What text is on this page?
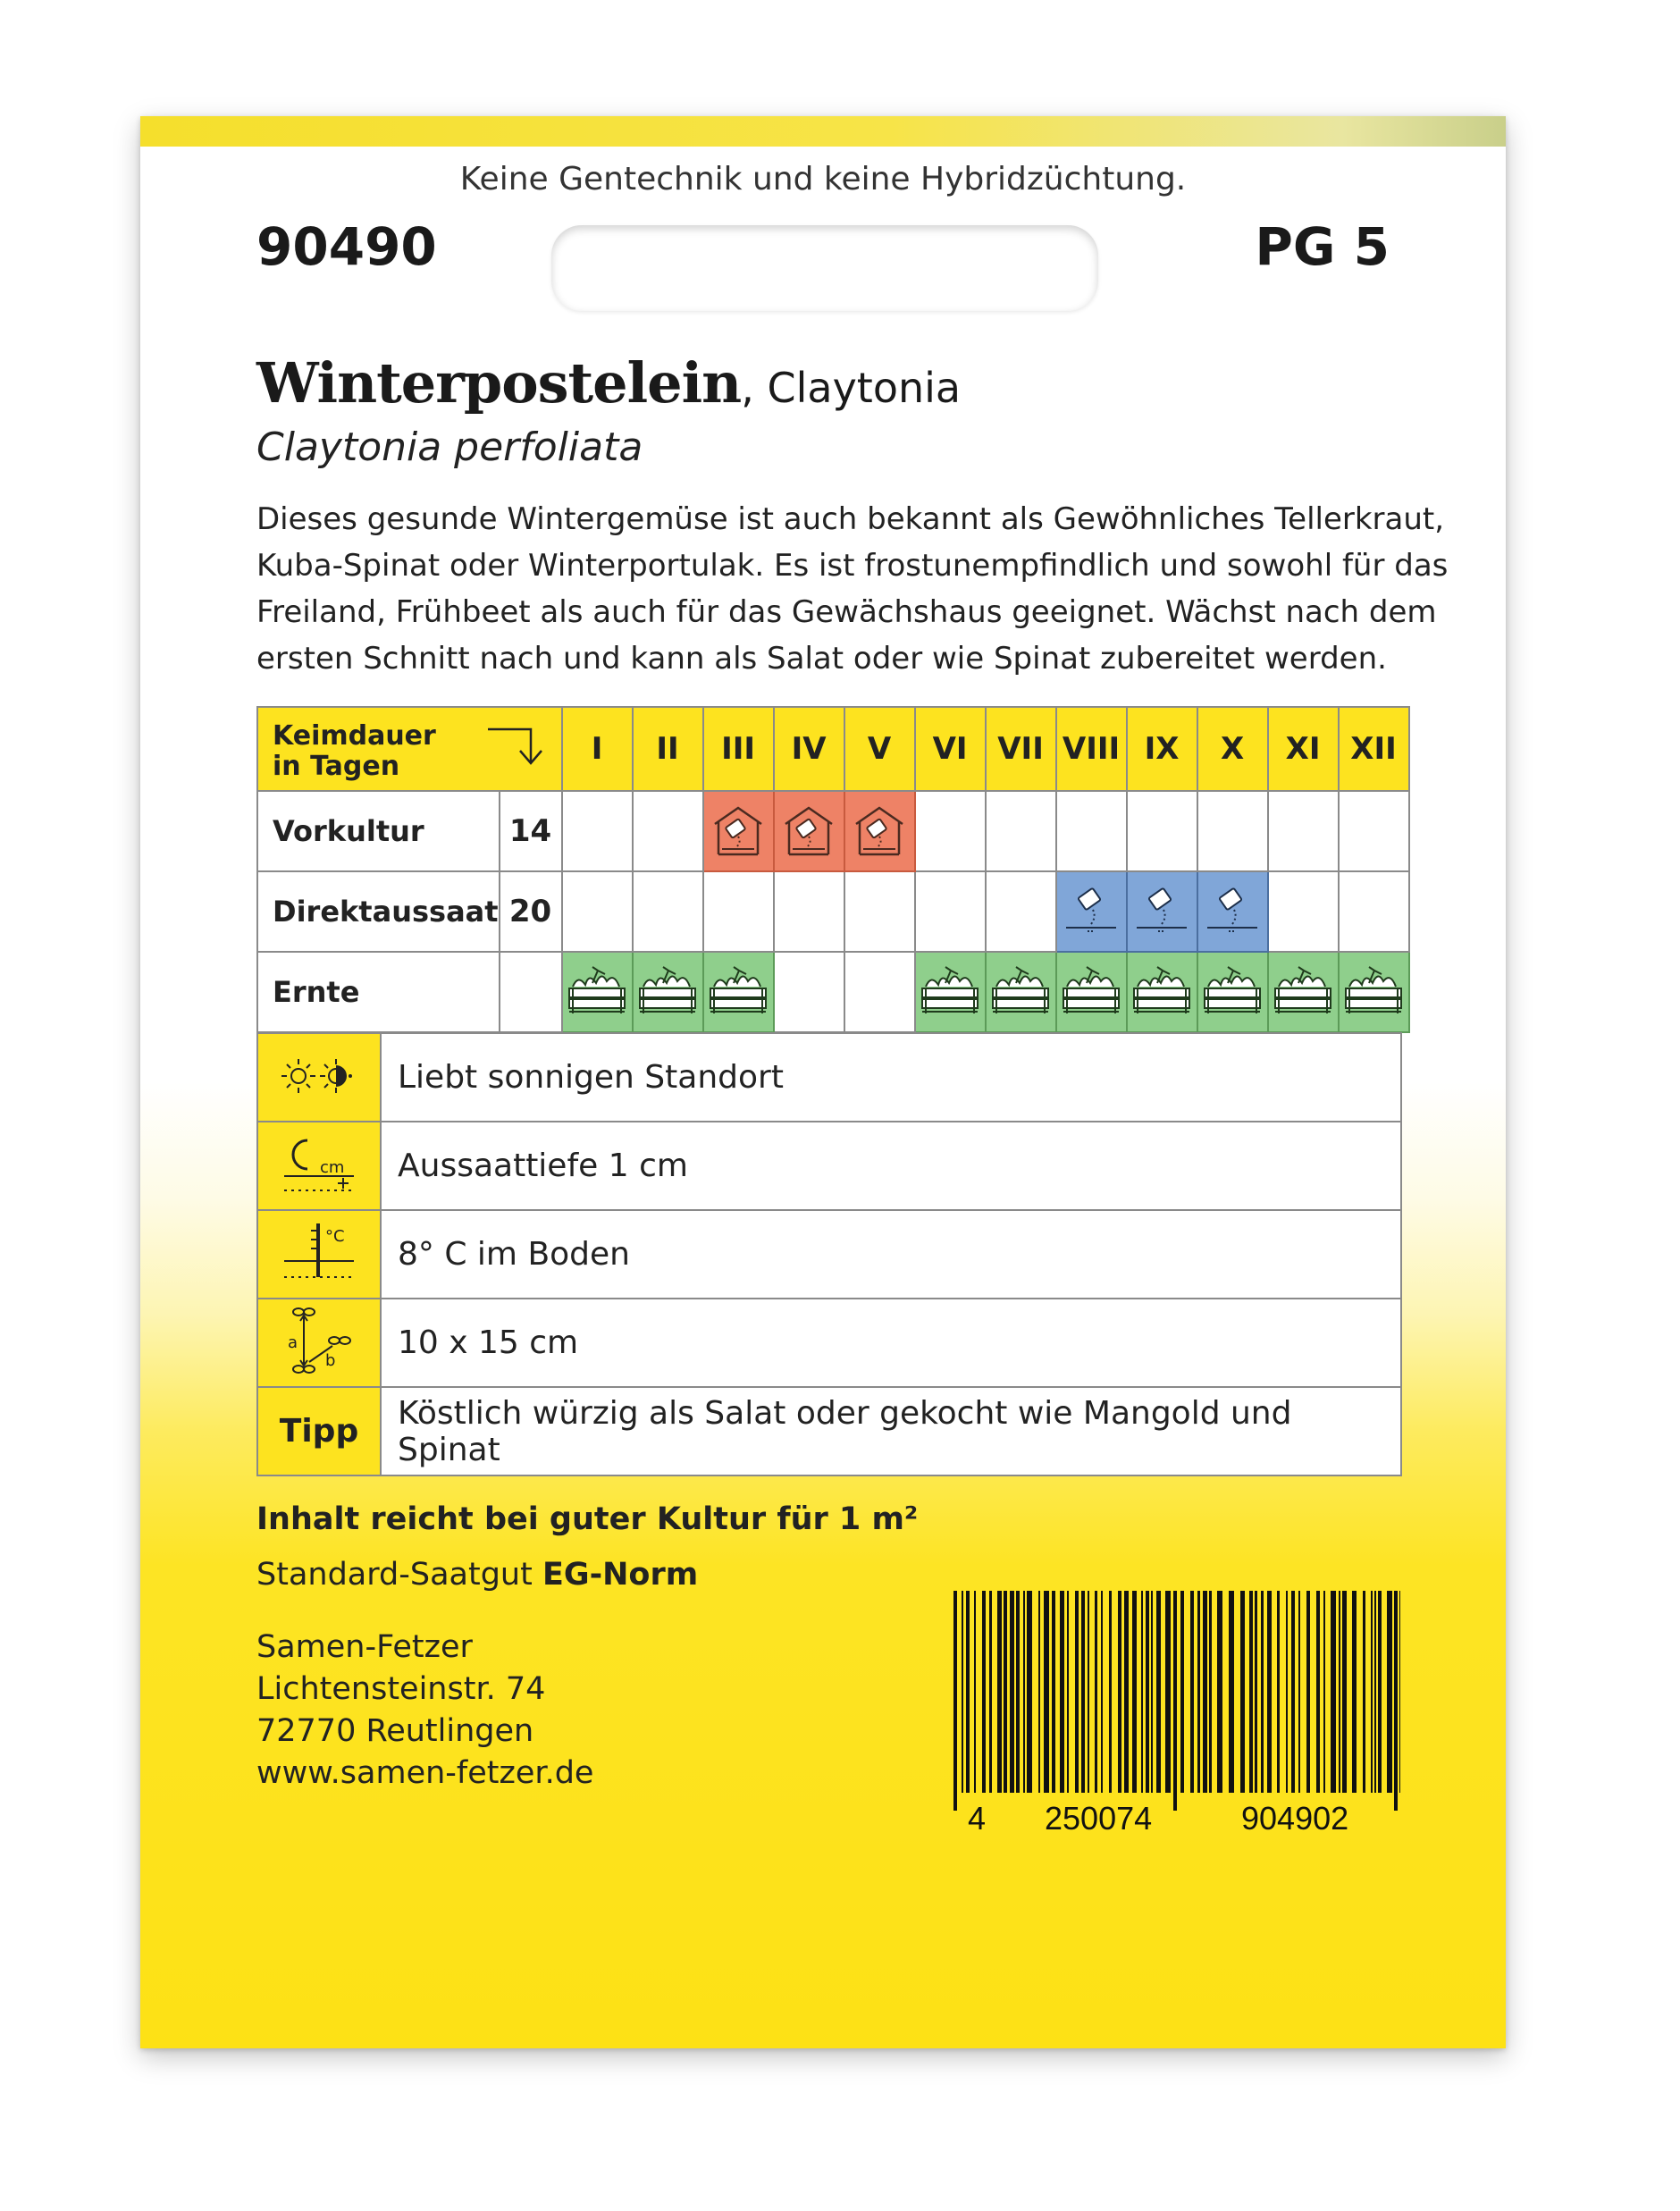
Keine Gentechnik und keine Hybridzüchtung.
90490	PG 5
Winterpostelein, Claytonia
Claytonia perfoliata
Dieses gesunde Wintergemüse ist auch bekannt als Gewöhnliches Tellerkraut,
Kuba-Spinat oder Winterportulak. Es ist frostunempfindlich und sowohl für das
Freiland, Frühbeet als auch für das Gewächshaus geeignet. Wächst nach dem
ersten Schnitt nach und kann als Salat oder wie Spinat zubereitet werden.
Keimdauer
in Tagen		I	II	III	IV	V	VI	VII	VIII	IX	X	XI	XII
Vorkultur	14			

Direktaussaat	20								

Ernte		

	Liebt sonnigen Standort

cm	Aussaattiefe 1 cm

°C	8° C im Boden

a
b	10 x 15 cm
Tipp	Köstlich würzig als Salat oder gekocht wie Mangold und Spinat
Inhalt reicht bei guter Kultur für 1 m²
Standard-Saatgut EG-Norm
Samen-Fetzer
Lichtensteinstr. 74
72770 Reutlingen
www.samen-fetzer.de
4 250074	904902
